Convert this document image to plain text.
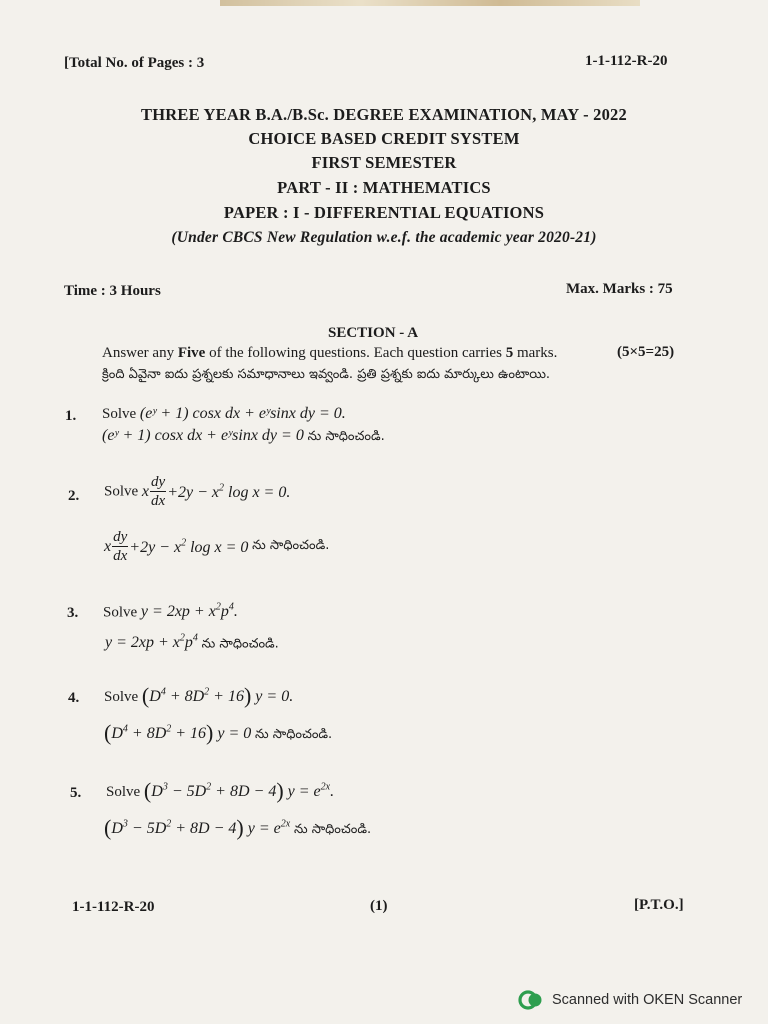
[Total No. of Pages : 3	1-1-112-R-20
THREE YEAR B.A./B.Sc. DEGREE EXAMINATION, MAY - 2022
CHOICE BASED CREDIT SYSTEM
FIRST SEMESTER
PART - II : MATHEMATICS
PAPER : I - DIFFERENTIAL EQUATIONS
(Under CBCS New Regulation w.e.f. the academic year 2020-21)
Time : 3 Hours	Max. Marks : 75
SECTION - A
Answer any Five of the following questions. Each question carries 5 marks.	(5×5=25)
క్రింది ఏవైనా ఐదు ప్రశ్నలకు సమాధానాలు ఇవ్వండి. ప్రతి ప్రశ్నకు ఐదు మార్కులు ఉంటాయి.
1. Solve (eʸ + 1) cosx dx + eʸsinx dy = 0.
(eʸ + 1) cosx dx + eʸsinx dy = 0 ను సాధించండి.
2. Solve x $\frac{dy}{dx} +2y - x^2$ log x = 0.
x $\frac{dy}{dx} +2y - x^2$ log x = 0 ను సాధించండి.
3. Solve $y = 2xp + x^2p^4$.
$y = 2xp + x^2p^4$ ను సాధించండి.
4. Solve $(D^4 + 8D^2 + 16) y = 0$.
$(D^4 + 8D^2 + 16) y = 0$ ను సాధించండి.
5. Solve $(D^3 - 5D^2 + 8D - 4) y = e^{2x}$.
$(D^3 - 5D^2 + 8D - 4) y = e^{2x}$ ను సాధించండి.
1-1-112-R-20	(1)	[P.T.O.]
Scanned with OKEN Scanner
